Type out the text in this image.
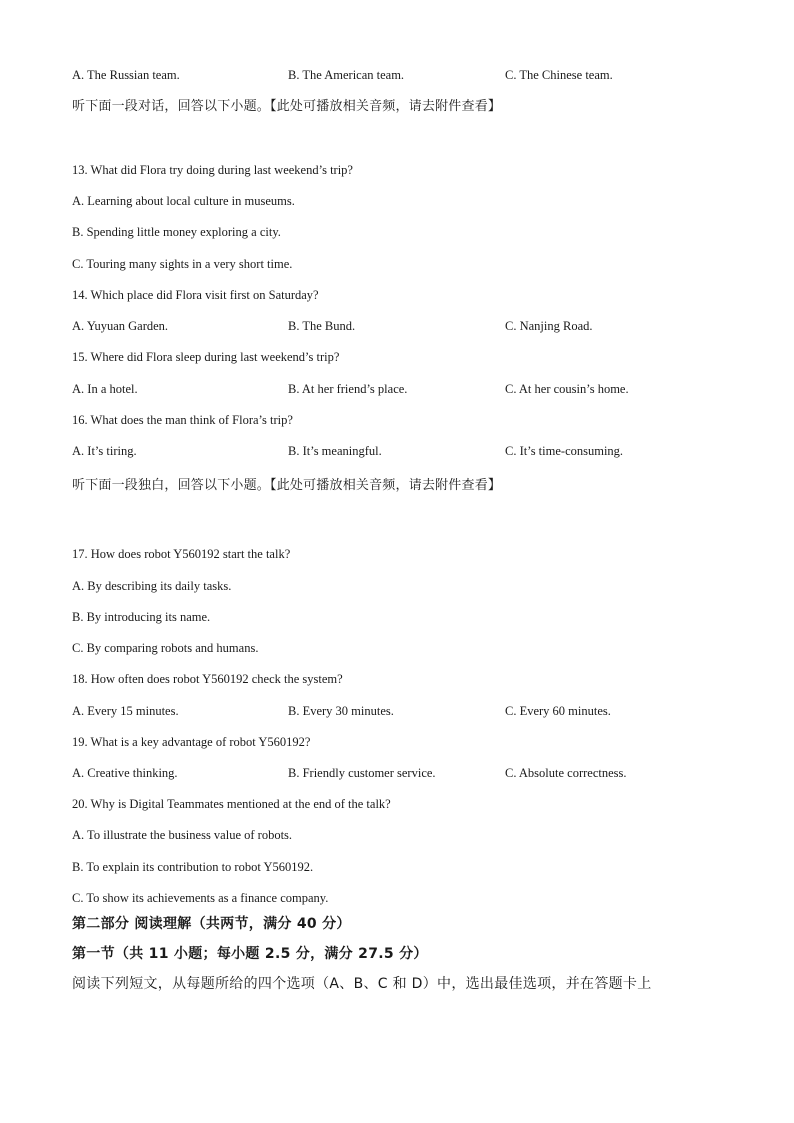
A. The Russian team.	B. The American team.	C. The Chinese team.
听下面一段对话，回答以下小题。【此处可播放相关音频，请去附件查看】
13. What did Flora try doing during last weekend’s trip?
A. Learning about local culture in museums.
B. Spending little money exploring a city.
C. Touring many sights in a very short time.
14. Which place did Flora visit first on Saturday?
A. Yuyuan Garden.	B. The Bund.	C. Nanjing Road.
15. Where did Flora sleep during last weekend’s trip?
A. In a hotel.	B. At her friend’s place.	C. At her cousin’s home.
16. What does the man think of Flora’s trip?
A. It’s tiring.	B. It’s meaningful.	C. It’s time-consuming.
听下面一段独白，回答以下小题。【此处可播放相关音频，请去附件查看】
17. How does robot Y560192 start the talk?
A. By describing its daily tasks.
B. By introducing its name.
C. By comparing robots and humans.
18. How often does robot Y560192 check the system?
A. Every 15 minutes.	B. Every 30 minutes.	C. Every 60 minutes.
19. What is a key advantage of robot Y560192?
A. Creative thinking.	B. Friendly customer service.	C. Absolute correctness.
20. Why is Digital Teammates mentioned at the end of the talk?
A. To illustrate the business value of robots.
B. To explain its contribution to robot Y560192.
C. To show its achievements as a finance company.
第二部分 阅读理解（共两节，满分 40 分）
第一节（共 11 小题；每小题 2.5 分，满分 27.5 分）
阅读下列短文，从每题所给的四个选项（A、B、C 和 D）中，选出最佳选项，并在答题卡上
